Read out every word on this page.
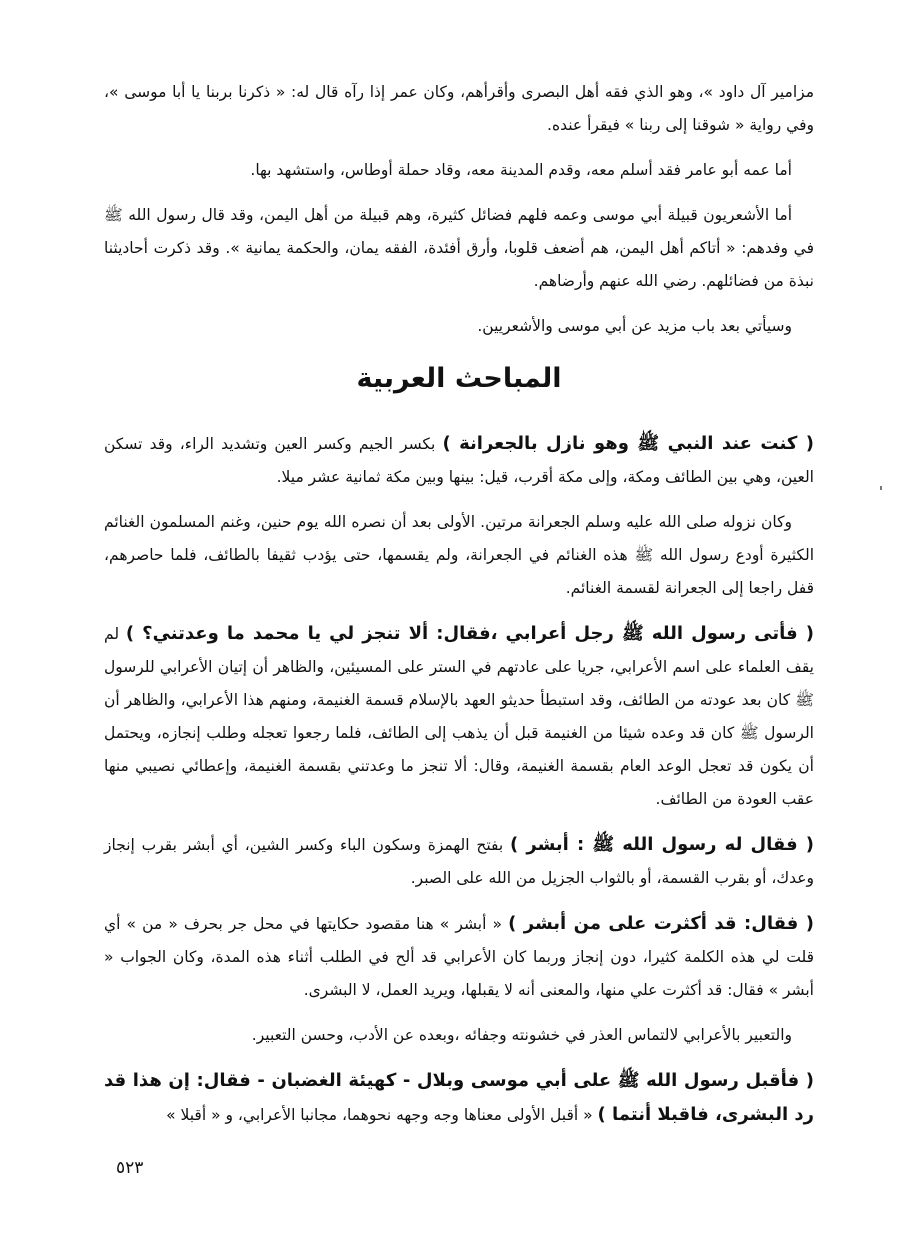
مزامير آل داود »، وهو الذي فقه أهل البصرى وأقرأهم، وكان عمر إذا رآه قال له: « ذكرنا بربنا يا أبا موسى »، وفي رواية « شوقنا إلى ربنا » فيقرأ عنده.

أما عمه أبو عامر فقد أسلم معه، وقدم المدينة معه، وقاد حملة أوطاس، واستشهد بها.

أما الأشعريون قبيلة أبي موسى وعمه فلهم فضائل كثيرة، وهم قبيلة من أهل اليمن، وقد قال رسول الله ﷺ في وفدهم: « أتاكم أهل اليمن، هم أضعف قلوبا، وأرق أفئدة، الفقه يمان، والحكمة يمانية ». وقد ذكرت أحاديثنا نبذة من فضائلهم. رضي الله عنهم وأرضاهم.

وسيأتي بعد باب مزيد عن أبي موسى والأشعريين.

المباحث العربية

( كنت عند النبي ﷺ وهو نازل بالجعرانة ) بكسر الجيم وكسر العين وتشديد الراء، وقد تسكن العين، وهي بين الطائف ومكة، وإلى مكة أقرب، قيل: بينها وبين مكة ثمانية عشر ميلا.

وكان نزوله صلى الله عليه وسلم الجعرانة مرتين. الأولى بعد أن نصره الله يوم حنين، وغنم المسلمون الغنائم الكثيرة أودع رسول الله ﷺ هذه الغنائم في الجعرانة، ولم يقسمها، حتى يؤدب ثقيفا بالطائف، فلما حاصرهم، قفل راجعا إلى الجعرانة لقسمة الغنائم.

( فأتى رسول الله ﷺ رجل أعرابي ،فقال: ألا تنجز لي يا محمد ما وعدتني؟ ) لم يقف العلماء على اسم الأعرابي، جريا على عادتهم في الستر على المسيئين، والظاهر أن إتيان الأعرابي للرسول ﷺ كان بعد عودته من الطائف، وقد استبطأ حديثو العهد بالإسلام قسمة الغنيمة، ومنهم هذا الأعرابي، والظاهر أن الرسول ﷺ كان قد وعده شيئا من الغنيمة قبل أن يذهب إلى الطائف، فلما رجعوا تعجله وطلب إنجازه، ويحتمل أن يكون قد تعجل الوعد العام بقسمة الغنيمة، وقال: ألا تنجز ما وعدتني بقسمة الغنيمة، وإعطائي نصيبي منها عقب العودة من الطائف.

( فقال له رسول الله ﷺ : أبشر ) بفتح الهمزة وسكون الباء وكسر الشين، أي أبشر بقرب إنجاز وعدك، أو بقرب القسمة، أو بالثواب الجزيل من الله على الصبر.

( فقال: قد أكثرت على من أبشر ) « أبشر » هنا مقصود حكايتها في محل جر بحرف « من » أي قلت لي هذه الكلمة كثيرا، دون إنجاز وربما كان الأعرابي قد ألح في الطلب أثناء هذه المدة، وكان الجواب « أبشر » فقال: قد أكثرت علي منها، والمعنى أنه لا يقبلها، ويريد العمل، لا البشرى.

والتعبير بالأعرابي لالتماس العذر في خشونته وجفائه ،وبعده عن الأدب، وحسن التعبير.

( فأقبل رسول الله ﷺ على أبي موسى وبلال - كهيئة الغضبان - فقال: إن هذا قد رد البشرى، فاقبلا أنتما ) « أقبل الأولى معناها وجه وجهه نحوهما، مجانبا الأعرابي، و « أقبلا »

٥٢٣
